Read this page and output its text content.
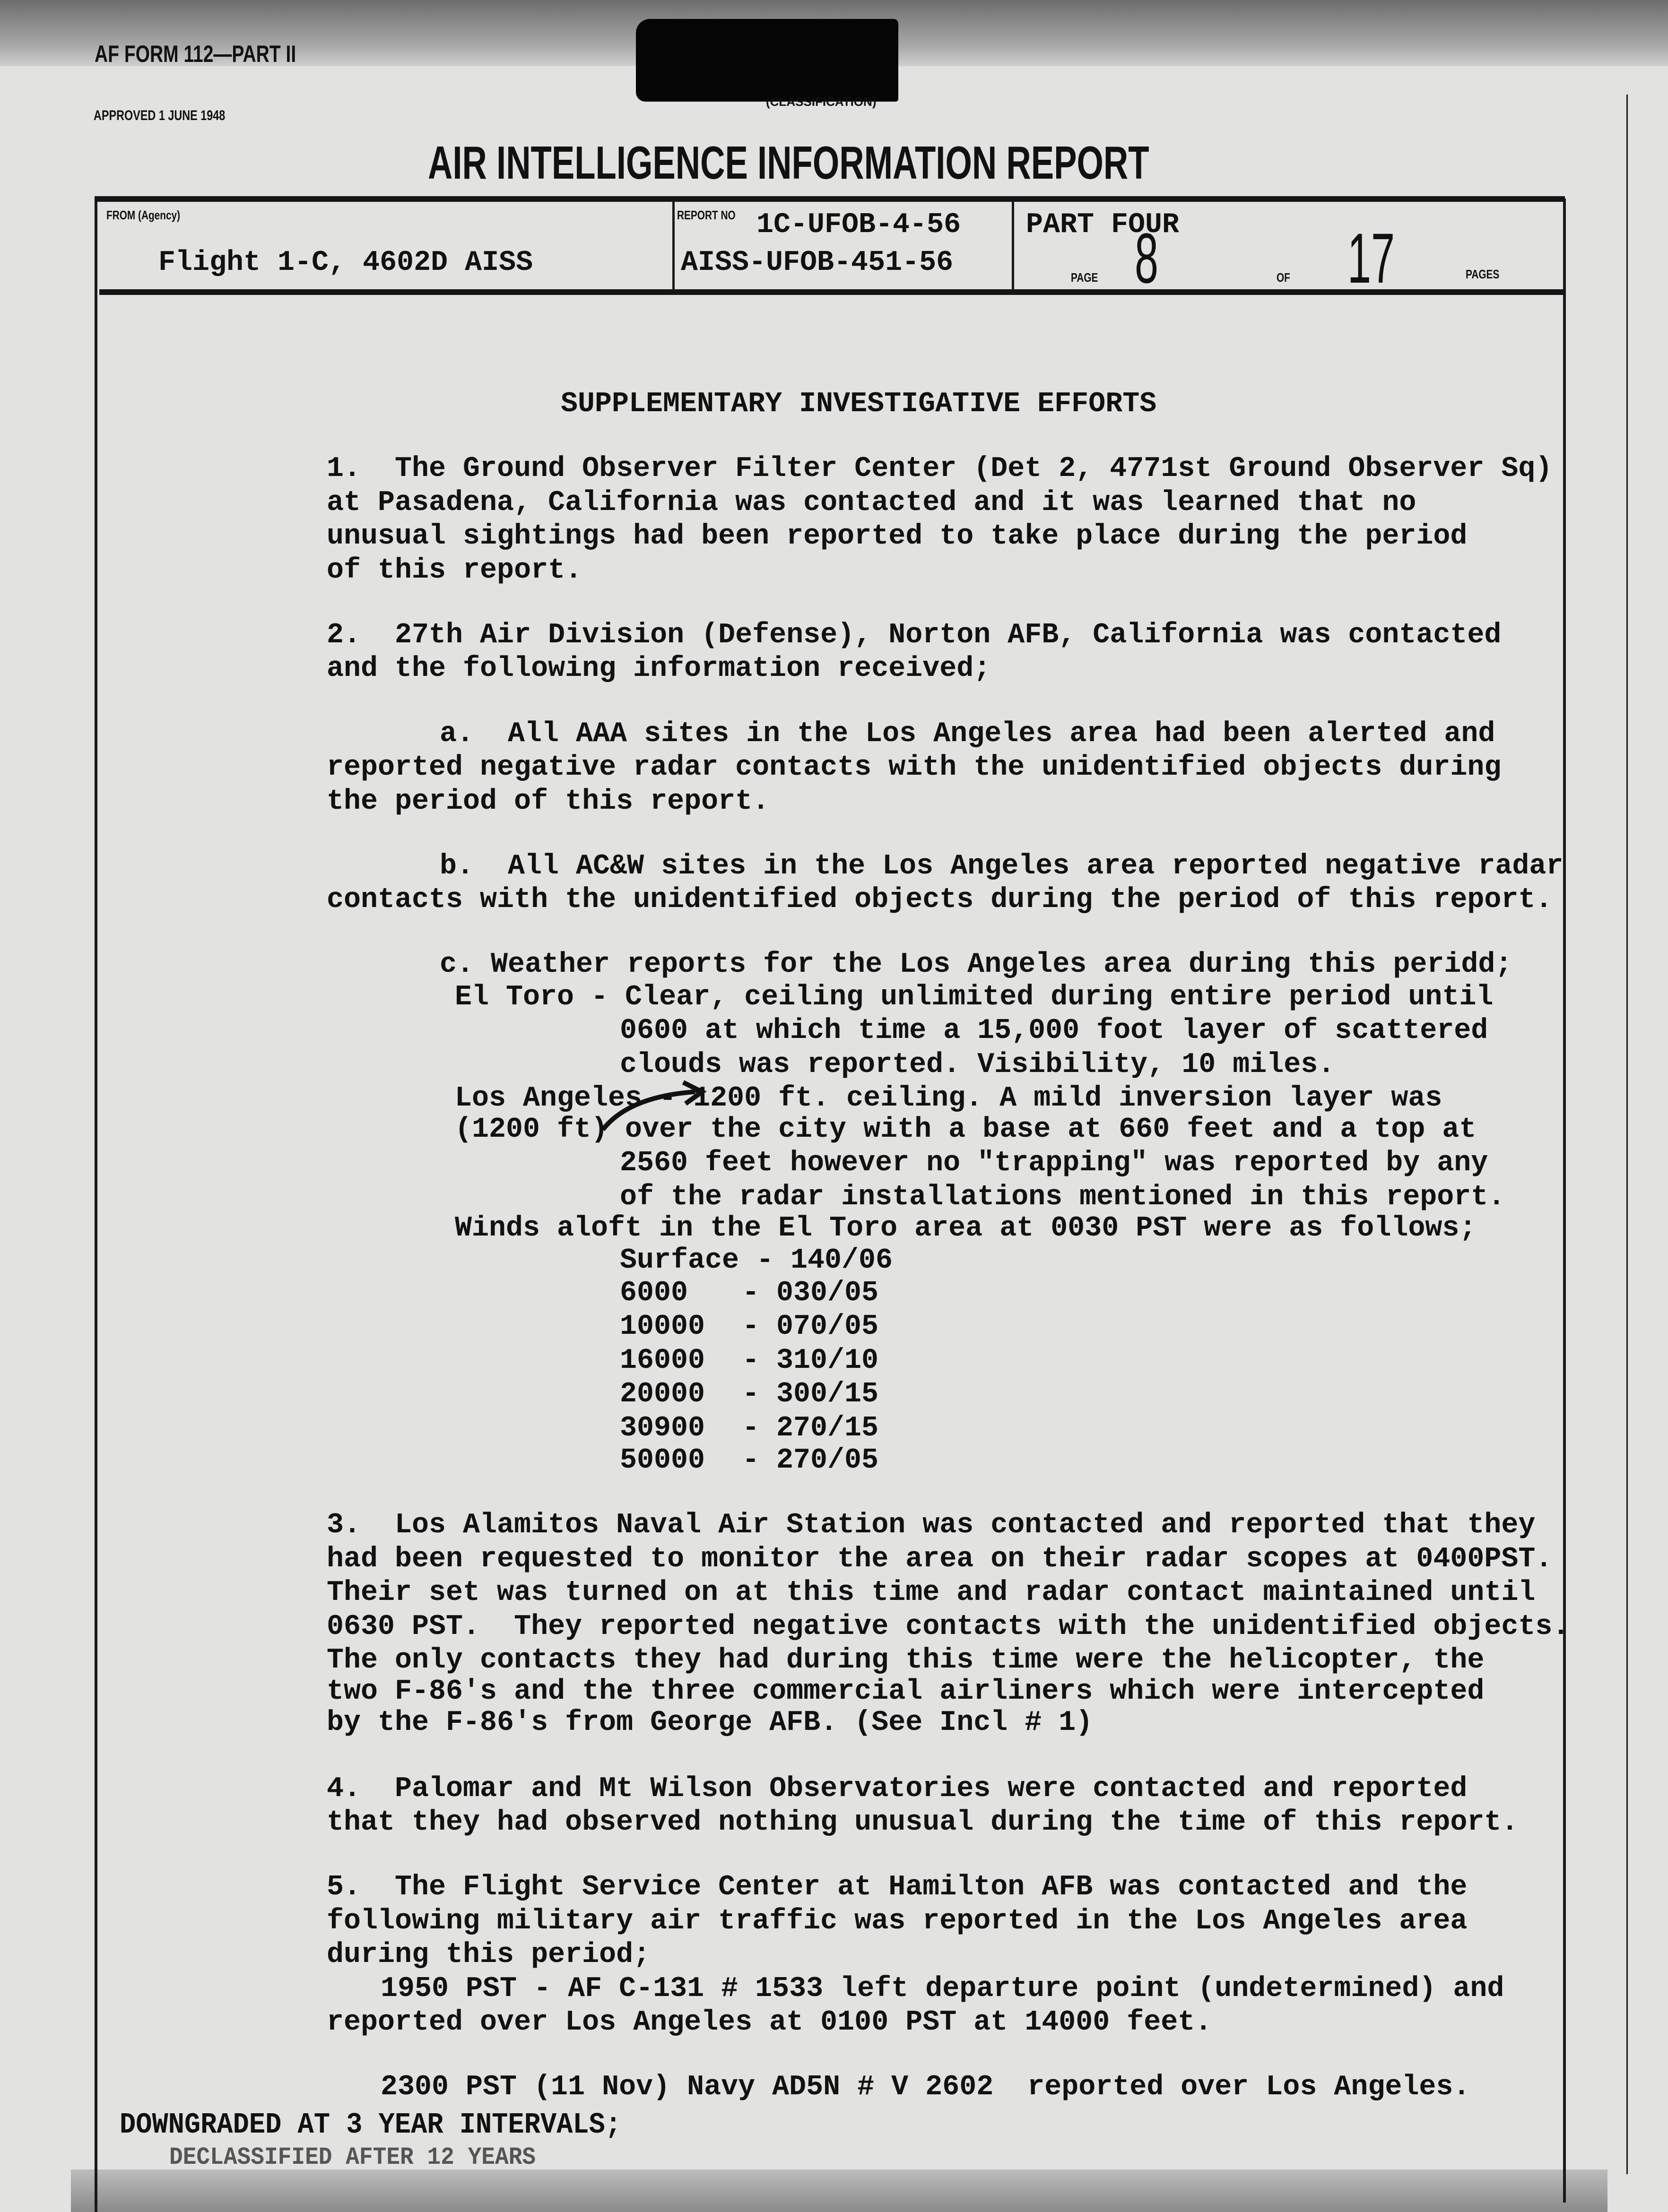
(CLASSIFICATION)
AF FORM 112—PART II
APPROVED 1 JUNE 1948
AIR INTELLIGENCE INFORMATION REPORT
FROM (Agency)
Flight 1-C, 4602D AISS
REPORT NO 1C-UFOB-4-56
AISS-UFOB-451-56
PART FOUR
PAGE 8	OF 17	PAGES
SUPPLEMENTARY INVESTIGATIVE EFFORTS
1.  The Ground Observer Filter Center (Det 2, 4771st Ground Observer Sq)
at Pasadena, California was contacted and it was learned that no
unusual sightings had been reported to take place during the period
of this report.
2.  27th Air Division (Defense), Norton AFB, California was contacted
and the following information received;
a.  All AAA sites in the Los Angeles area had been alerted and
reported negative radar contacts with the unidentified objects during
the period of this report.
b.  All AC&W sites in the Los Angeles area reported negative radar
contacts with the unidentified objects during the period of this report.
c. Weather reports for the Los Angeles area during this peridd;
El Toro - Clear, ceiling unlimited during entire period until
0600 at which time a 15,000 foot layer of scattered
clouds was reported. Visibility, 10 miles.
Los Angeles - 1200 ft. ceiling. A mild inversion layer was
(1200 ft) over the city with a base at 660 feet and a top at
2560 feet however no "trapping" was reported by any
of the radar installations mentioned in this report.
Winds aloft in the El Toro area at 0030 PST were as follows;
Surface - 140/06
6000 - 030/05
10000 - 070/05
16000 - 310/10
20000 - 300/15
30900 - 270/15
50000 - 270/05
3.  Los Alamitos Naval Air Station was contacted and reported that they
had been requested to monitor the area on their radar scopes at 0400PST.
Their set was turned on at this time and radar contact maintained until
0630 PST.  They reported negative contacts with the unidentified objects.
The only contacts they had during this time were the helicopter, the
two F-86's and the three commercial airliners which were intercepted
by the F-86's from George AFB. (See Incl # 1)
4.  Palomar and Mt Wilson Observatories were contacted and reported
that they had observed nothing unusual during the time of this report.
5.  The Flight Service Center at Hamilton AFB was contacted and the
following military air traffic was reported in the Los Angeles area
during this period;
1950 PST - AF C-131 # 1533 left departure point (undetermined) and
reported over Los Angeles at 0100 PST at 14000 feet.
2300 PST (11 Nov) Navy AD5N # V 2602  reported over Los Angeles.
DOWNGRADED AT 3 YEAR INTERVALS;
DECLASSIFIED AFTER 12 YEARS
